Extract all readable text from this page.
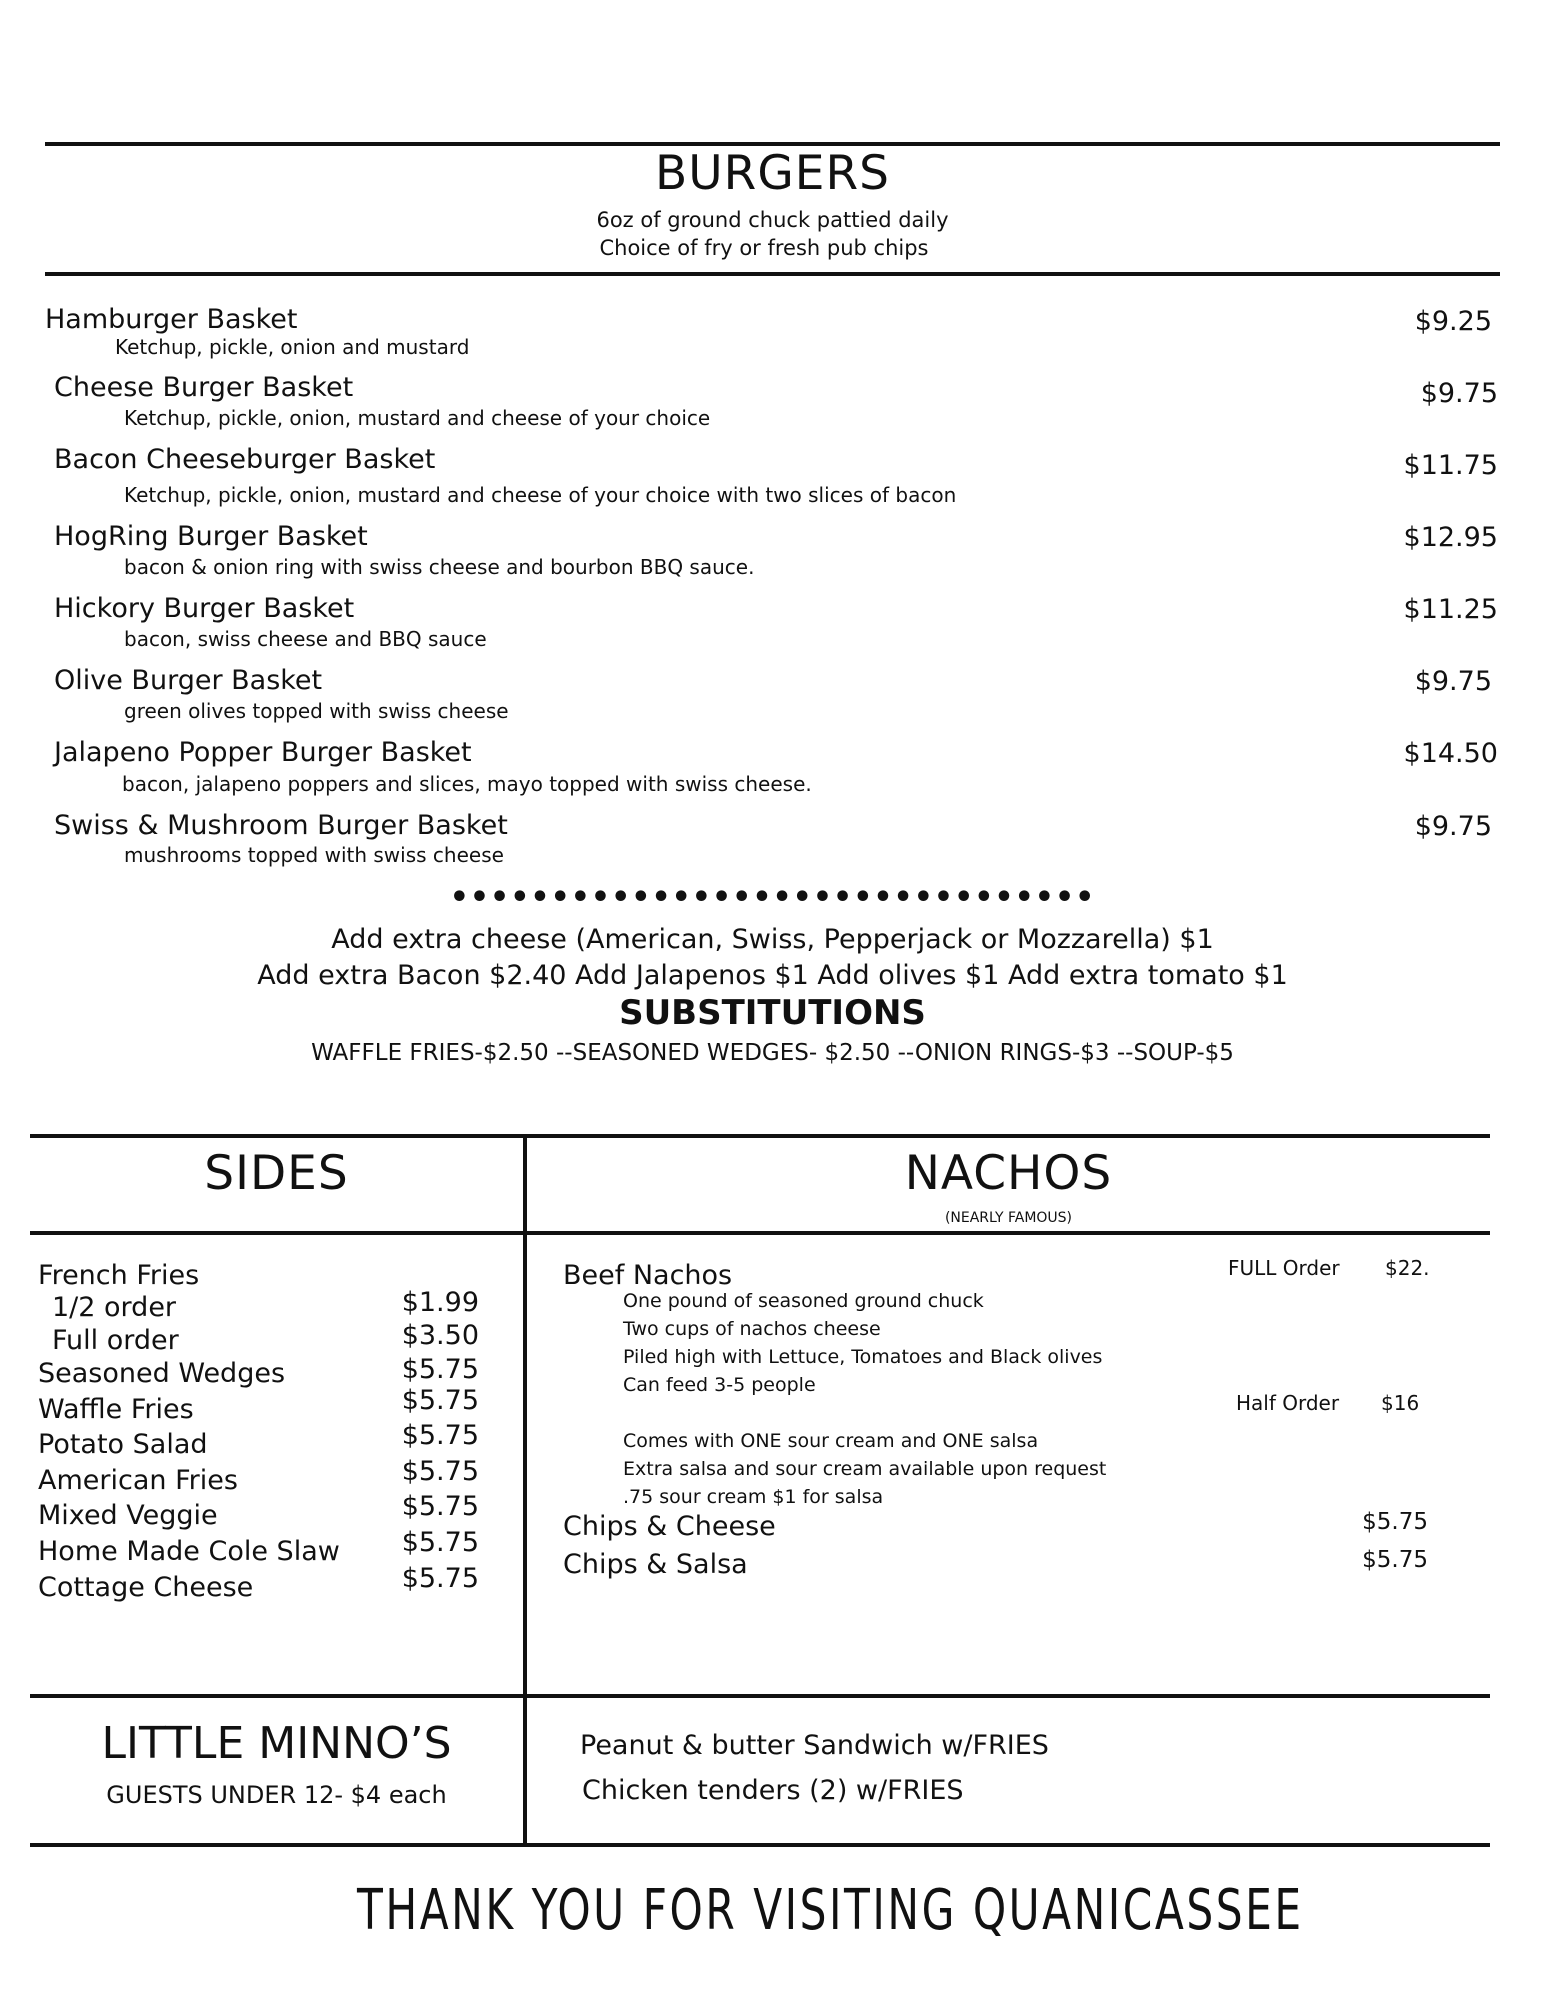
BURGERS
6oz of ground chuck pattied daily
Choice of fry or fresh pub chips
Hamburger Basket
Ketchup, pickle, onion and mustard
$9.25
Cheese Burger Basket
Ketchup, pickle, onion, mustard and cheese of your choice
$9.75
Bacon Cheeseburger Basket
Ketchup, pickle, onion, mustard and cheese of your choice with two slices of bacon
$11.75
HogRing Burger Basket
bacon & onion ring with swiss cheese and bourbon BBQ sauce.
$12.95
Hickory Burger Basket
bacon, swiss cheese and BBQ sauce
$11.25
Olive Burger Basket
green olives topped with swiss cheese
$9.75
Jalapeno Popper Burger Basket
bacon, jalapeno poppers and slices, mayo topped with swiss cheese.
$14.50
Swiss & Mushroom Burger Basket
mushrooms topped with swiss cheese
$9.75
••••••••••••••••••••••••••••••••
Add extra cheese (American, Swiss, Pepperjack or Mozzarella) $1
Add extra Bacon $2.40 Add Jalapenos $1 Add olives $1 Add extra tomato $1
SUBSTITUTIONS
WAFFLE FRIES-$2.50 --SEASONED WEDGES- $2.50 --ONION RINGS-$3 --SOUP-$5
SIDES	NACHOS
(NEARLY FAMOUS)
French Fries
1/2 order	$1.99
Full order	$3.50
Seasoned Wedges	$5.75
Waffle Fries	$5.75
Potato Salad	$5.75
American Fries	$5.75
Mixed Veggie	$5.75
Home Made Cole Slaw $5.75
Cottage Cheese	$5.75
Beef Nachos	FULL Order $22.
One pound of seasoned ground chuck
Two cups of nachos cheese
Piled high with Lettuce, Tomatoes and Black olives
Can feed 3-5 people
Half Order $16
Comes with ONE sour cream and ONE salsa
Extra salsa and sour cream available upon request
.75 sour cream $1 for salsa
Chips & Cheese	$5.75
Chips & Salsa	$5.75
LITTLE MINNO’S
GUESTS UNDER 12- $4 each
Peanut & butter Sandwich w/FRIES
Chicken tenders (2) w/FRIES
THANK YOU FOR VISITING QUANICASSEE
